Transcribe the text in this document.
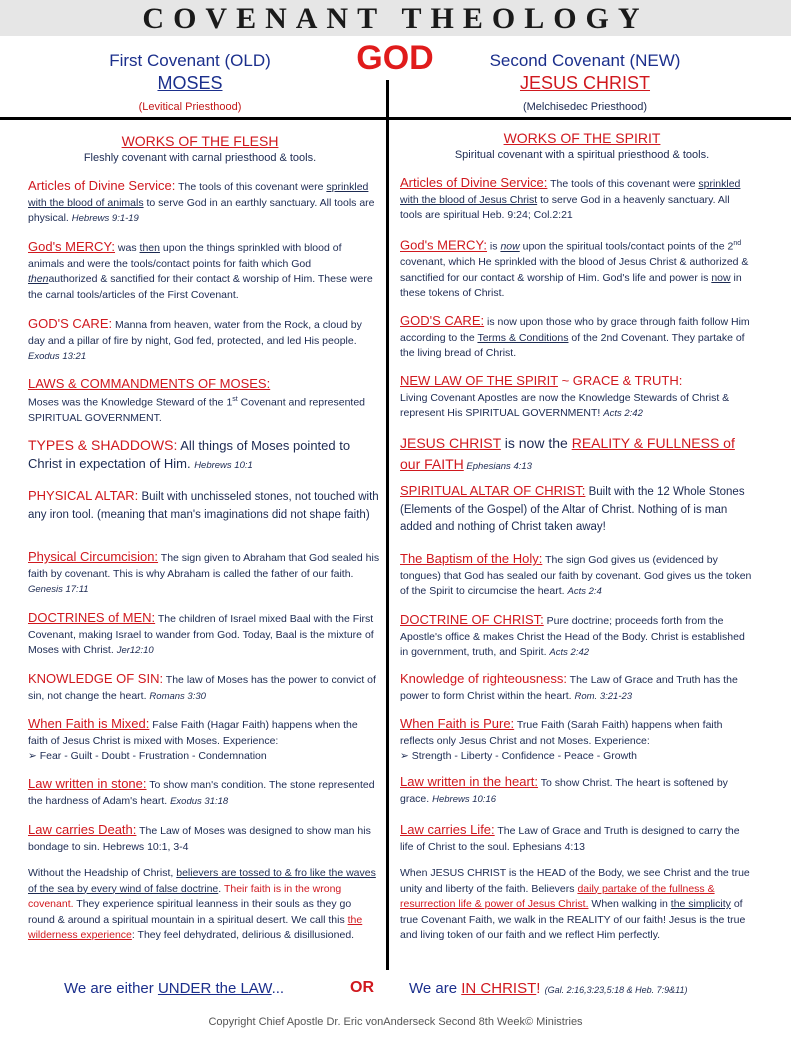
COVENANT THEOLOGY
GOD
First Covenant (OLD)
MOSES
(Levitical Priesthood)
Second Covenant (NEW)
JESUS CHRIST
(Melchisedec Priesthood)
WORKS OF THE FLESH
Fleshly covenant with carnal priesthood & tools.
WORKS OF THE SPIRIT
Spiritual covenant with a spiritual priesthood & tools.
Articles of Divine Service: The tools of this covenant were sprinkled with the blood of animals to serve God in an earthly sanctuary. All tools are physical. Hebrews 9:1-19
God's MERCY: was then upon the things sprinkled with blood of animals and were the tools/contact points for faith which God thenauthorized & sanctified for their contact & worship of Him. These were the carnal tools/articles of the First Covenant.
GOD'S CARE: Manna from heaven, water from the Rock, a cloud by day and a pillar of fire by night, God fed, protected, and led His people. Exodus 13:21
LAWS & COMMANDMENTS OF MOSES:
Moses was the Knowledge Steward of the 1st Covenant and represented SPIRITUAL GOVERNMENT.
TYPES & SHADDOWS: All things of Moses pointed to Christ in expectation of Him. Hebrews 10:1
PHYSICAL ALTAR: Built with unchisseled stones, not touched with any iron tool. (meaning that man's imaginations did not shape faith)
Physical Circumcision: The sign given to Abraham that God sealed his faith by covenant. This is why Abraham is called the father of our faith. Genesis 17:11
DOCTRINES of MEN: The children of Israel mixed Baal with the First Covenant, making Israel to wander from God. Today, Baal is the mixture of Moses with Christ. Jer12:10
KNOWLEDGE OF SIN: The law of Moses has the power to convict of sin, not change the heart. Romans 3:30
When Faith is Mixed: False Faith (Hagar Faith) happens when the faith of Jesus Christ is mixed with Moses. Experience:
➢ Fear - Guilt - Doubt - Frustration - Condemnation
Law written in stone: To show man's condition. The stone represented the hardness of Adam's heart. Exodus 31:18
Law carries Death: The Law of Moses was designed to show man his bondage to sin. Hebrews 10:1, 3-4
Without the Headship of Christ, believers are tossed to & fro like the waves of the sea by every wind of false doctrine. Their faith is in the wrong covenant. They experience spiritual leanness in their souls as they go round & around a spiritual mountain in a spiritual desert. We call this the wilderness experience: They feel dehydrated, delirious & disillusioned.
Articles of Divine Service: The tools of this covenant were sprinkled with the blood of Jesus Christ to serve God in a heavenly sanctuary. All tools are spiritual Heb. 9:24; Col.2:21
God's MERCY: is now upon the spiritual tools/contact points of the 2nd covenant, which He sprinkled with the blood of Jesus Christ & authorized & sanctified for our contact & worship of Him. God's life and power is now in these tokens of Christ.
GOD'S CARE: is now upon those who by grace through faith follow Him according to the Terms & Conditions of the 2nd Covenant. They partake of the living bread of Christ.
NEW LAW OF THE SPIRIT ~ GRACE & TRUTH:
Living Covenant Apostles are now the Knowledge Stewards of Christ & represent His SPIRITUAL GOVERNMENT! Acts 2:42
JESUS CHRIST is now the REALITY & FULLNESS of our FAITH Ephesians 4:13
SPIRITUAL ALTAR OF CHRIST: Built with the 12 Whole Stones (Elements of the Gospel) of the Altar of Christ. Nothing of is man added and nothing of Christ taken away!
The Baptism of the Holy: The sign God gives us (evidenced by tongues) that God has sealed our faith by covenant. God gives us the token of the Spirit to circumcise the heart. Acts 2:4
DOCTRINE OF CHRIST: Pure doctrine; proceeds forth from the Apostle's office & makes Christ the Head of the Body. Christ is established in government, truth, and Spirit. Acts 2:42
Knowledge of righteousness: The Law of Grace and Truth has the power to form Christ within the heart. Rom. 3:21-23
When Faith is Pure: True Faith (Sarah Faith) happens when faith reflects only Jesus Christ and not Moses. Experience:
➢ Strength - Liberty - Confidence - Peace - Growth
Law written in the heart: To show Christ. The heart is softened by grace. Hebrews 10:16
Law carries Life: The Law of Grace and Truth is designed to carry the life of Christ to the soul. Ephesians 4:13
When JESUS CHRIST is the HEAD of the Body, we see Christ and the true unity and liberty of the faith. Believers daily partake of the fullness & resurrection life & power of Jesus Christ. When walking in the simplicity of true Covenant Faith, we walk in the REALITY of our faith! Jesus is the true and living token of our faith and we reflect Him perfectly.
We are either UNDER the LAW...	OR We are IN CHRIST! (Gal. 2:16,3:23,5:18 & Heb. 7:9&11)
Copyright Chief Apostle Dr. Eric vonAnderseck Second 8th Week© Ministries
